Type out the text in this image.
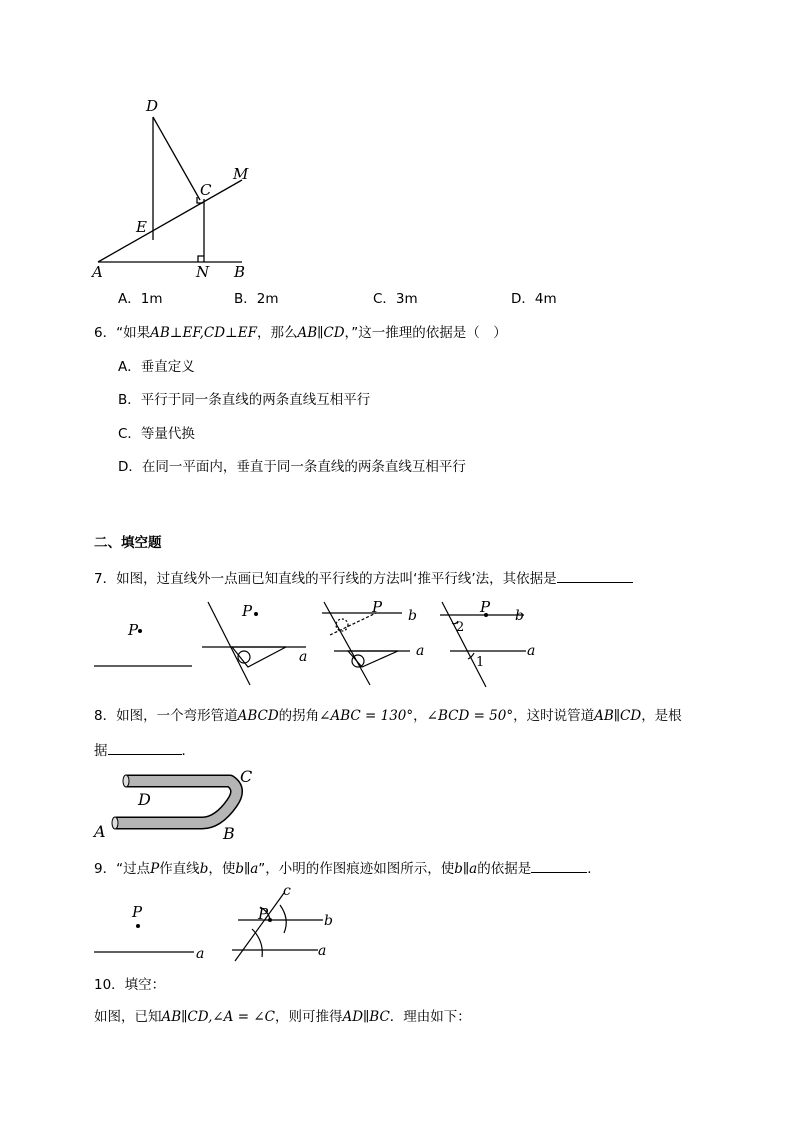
D
C
M
E
A	N B
A．1m	B．2m	C．3m	D．4m
6．“如果AB⊥EF,CD⊥EF，那么AB∥CD，”这一推理的依据是（　）
A．垂直定义
B．平行于同一条直线的两条直线互相平行
C．等量代换
D．在同一平面内，垂直于同一条直线的两条直线互相平行
二、填空题
7．如图，过直线外一点画已知直线的平行线的方法叫‘推平行线’法，其依据是
P
P
a
P b
a
P b
a
2
1
8．如图，一个弯形管道ABCD的拐角∠ABC = 130°，∠BCD = 50°，这时说管道AB∥CD，是根
据	．
A	B
C
D
9．“过点P作直线b，使b∥a”，小明的作图痕迹如图所示，使b∥a的依据是	．
P
a
P
c
b
a
10．填空：
如图，已知AB∥CD,∠A = ∠C，则可推得AD∥BC．理由如下：
